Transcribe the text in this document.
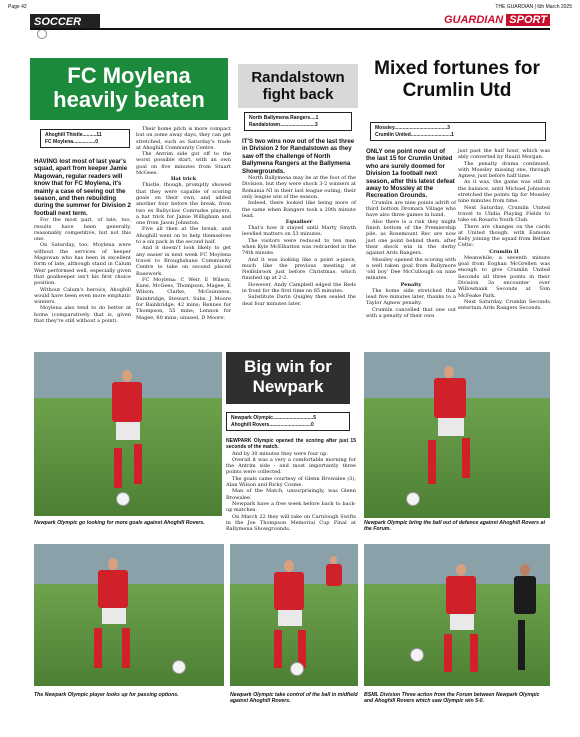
Page 42	THE GUARDIAN | 6th March 2025
SOCCER	GUARDIAN SPORT
FC Moylena heavily beaten
Ahoghill Thistle..........11
FC Moylena................0
HAVING lost most of last year's squad, apart from keeper Jamie Magowan, regular readers will know that for FC Moylena, it's mainly a case of seeing out the season, and then rebuilding during the summer for Division 2 football next term.
For the most part, of late, too, results have been generally, reasonably competitive, but not this one.
On Saturday, too, Moylena were without the services of keeper Magowan who has been in excellent form of late, although stand in Calum Weir performed well, especially given that goalkeeper isn't his first choice position.
Without Calum's heroics, Ahoghill would have been even more emphatic winners.
Moylena also tend to do better at home (comparatively that is, given that they're still without a point).
Their home pitch is more compact but on some away days, they can get stretched, such as Saturday's trade at Ahoghill Community Centre.
The Antrim side got off to the worst possible start, with an own goal on five minutes from Stuart McGees.
Hat trick
Thistle, though, promptly showed that they were capable of scoring goals on their own, and added another four before the break, from two ex Ballyclaw Comrades players, a hat trick for Jamie Willigham and one from Jason Johnston.
Five all then at the break, and Ahoghill went on to help themselves to a six pack in the second half.
And it doesn't look likely to get any easier in next week FC Moylena travel to Broughshane Community Centre to take on second placed Rasework.
FC Moylena: C Weir, E Wilson, Kane, McGees, Thompson, Magee, E Wilson, Clarke, McGuinness, Bainbridge, Stewart. Subs, J Moore for Bainbridge, 42 mins; Rennes for Thompson, 55 mins; Lennon for Magee, 60 mins; unused, D Moore.
Randalstown fight back
North Ballymena Rangers....1
Randalstown.........................3
IT'S two wins now out of the last three in Division 2 for Randalstown as they saw off the challenge of North Ballymena Rangers at the Ballymena Showgrounds.
North Ballymena may be at the foot of the Division, but they were shock 3-2 winners at Romania NI in their last league outing, their only league win of the season.
Indeed, there looked like being more of the same when Rangers took a 20th minute lead.
Equaliser
That's how it stayed until Marty Smyth levelled matters on 53 minutes.
The visitors were reduced to ten men when Kyle McElhatton was redcarded in the 74th minute.
And it was looking like a point a-piece, much like the previous meeting at Neillsbrook just before Christmas, which finished up at 2-2.
However, Andy Campbell edged the Reds in front for the first time on 85 minutes.
Substitute Darin Quigley then sealed the deal four minutes later.
Mixed fortunes for Crumlin Utd
Mossley......................................3
Crumlin United.............................1
ONLY one point now out of the last 15 for Crumlin United who are surely doomed for Division 1a football next season, after this latest defeat away to Mossley at the Recreation Grounds.
Crumlin are nine points adrift of third bottom Dromara Village who have also three games in hand.
Also there is a risk they might finish bottom of the Premiership pile, as Rosemount Rec are now just one point behind them, after their shock win in the derby against Ards Rangers.
Mossley opened the scoring with a well taken goal from Ballymore 'old boy' Dee McCullough on nine minutes.
Penalty
The home side stretched that lead five minutes later, thanks to a Taylor Agnew penalty.
Crumlin cancelled that one out with a penalty of their own
just past the half hour, which was ably converted by Ruairi Morgan.
The penalty drama continued, with Mossley missing one, through Agnew, just before half time.
As it was, the game was still in the balance, until Michael Johnston stretched the points tip for Mossley nine minutes from time.
Next Saturday, Crumlin United travel to Ulidia Playing Fields to take on Rosario Youth Club.
There are changes on the cards at United though, with Eamonn Kelly joining the squad from Belfast Celtic.
Crumlin II
Meanwhile, a seventh minute goal from Eoghan McGrellen was enough to give Crumlin United Seconds all three points in their Division 3a encounter over Willowbank Seconds at Tom McFeake Park.
Next Saturday, Crumlin Seconds entertain Ards Rangers Seconds.
Newpark Olympic go looking for more goals against Ahoghill Rovers.
Big win for Newpark
Newpark Olympic.............................5
Ahoghill Rovers..............................0
NEWPARK Olympic opened the scoring after just 15 seconds of the match.
And by 30 minutes they were four up.
Overall it was a very a comfortable morning for the Antrim side - and most importantly three points were collected.
The goals came courtesy of Glenn Browalee (3), Alan Wilson and Ricky Cosme.
Man of the Match, unsurprisingly, was Glenn Browalee.
Newpark have a free week before back to back-up matches.
On March 22 they will take on Carnlough Swifts in the Joe Thompson Memorial Cup Final at Ballymena Showgrounds.
Newpark Olympic bring the ball out of defence against Ahoghill Rovers at the Forum.
The Newpark Olympic player looks up for passing options.	Newpark Olympic take control of the ball in midfield against Ahoghill Rovers.
BSML Division Three action from the Forum between Newpark Olympic and Ahoghill Rovers which saw Olympic win 5-0.
